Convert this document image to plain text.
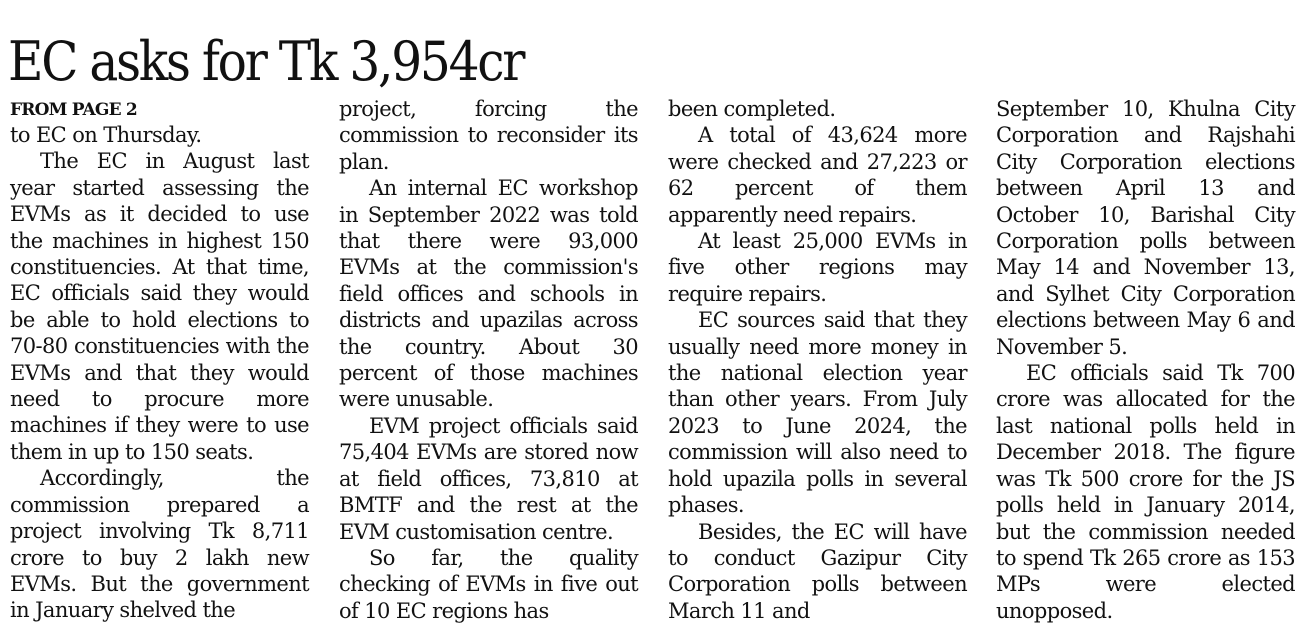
EC asks for Tk 3,954cr
FROM PAGE 2

to EC on Thursday.

The EC in August last year started assessing the EVMs as it decided to use the machines in highest 150 constituencies. At that time, EC officials said they would be able to hold elections to 70-80 constituencies with the EVMs and that they would need to procure more machines if they were to use them in up to 150 seats.

Accordingly, the commission prepared a project involving Tk 8,711 crore to buy 2 lakh new EVMs. But the government in January shelved the

project, forcing the commission to reconsider its plan.

An internal EC workshop in September 2022 was told that there were 93,000 EVMs at the commission's field offices and schools in districts and upazilas across the country. About 30 percent of those machines were unusable.

EVM project officials said 75,404 EVMs are stored now at field offices, 73,810 at BMTF and the rest at the EVM customisation centre.

So far, the quality checking of EVMs in five out of 10 EC regions has

been completed.

A total of 43,624 more were checked and 27,223 or 62 percent of them apparently need repairs.

At least 25,000 EVMs in five other regions may require repairs.

EC sources said that they usually need more money in the national election year than other years. From July 2023 to June 2024, the commission will also need to hold upazila polls in several phases.

Besides, the EC will have to conduct Gazipur City Corporation polls between March 11 and

September 10, Khulna City Corporation and Rajshahi City Corporation elections between April 13 and October 10, Barishal City Corporation polls between May 14 and November 13, and Sylhet City Corporation elections between May 6 and November 5.

EC officials said Tk 700 crore was allocated for the last national polls held in December 2018. The figure was Tk 500 crore for the JS polls held in January 2014, but the commission needed to spend Tk 265 crore as 153 MPs were elected unopposed.
